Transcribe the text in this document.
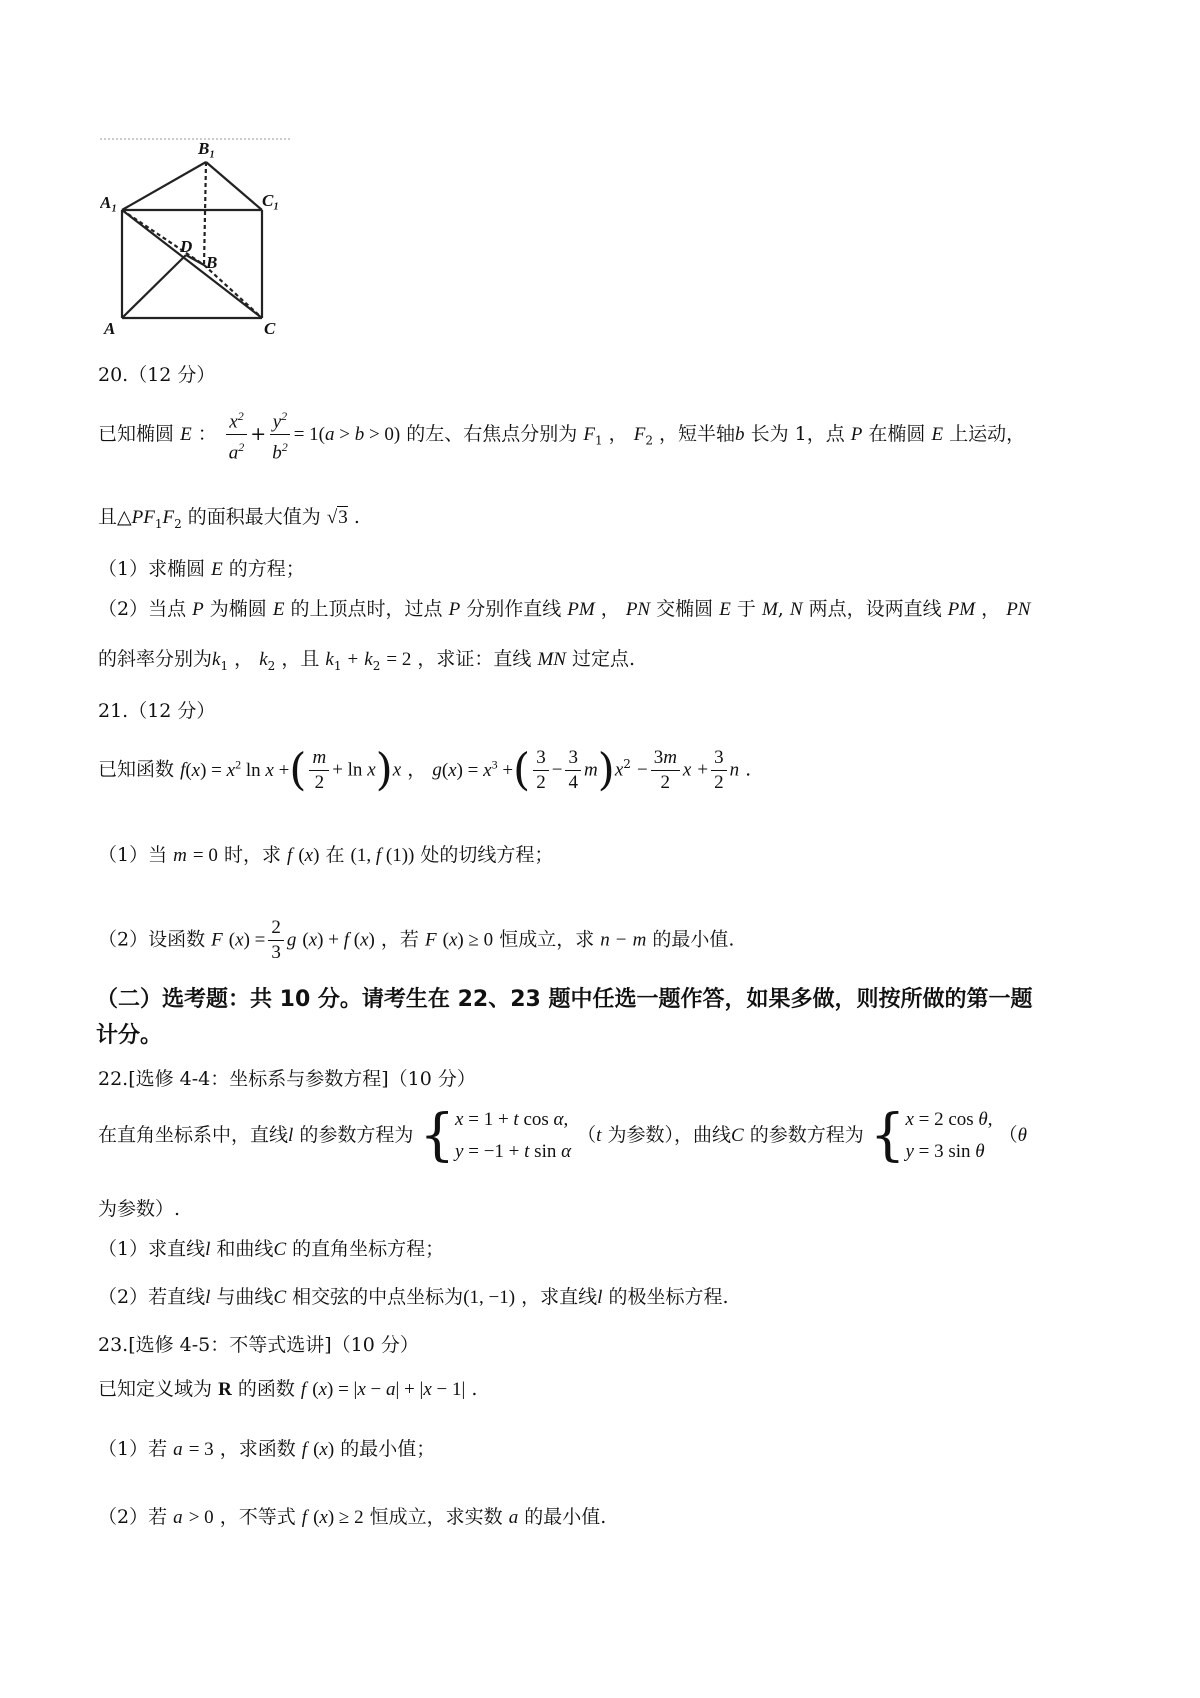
B₁
A₁	C₁
D
B
A	C
20.（12 分）
已知椭圆 E ： $\frac{x^2}{a^2} + \frac{y^2}{b^2} = 1(a > b > 0)$ 的左、右焦点分别为 $F_1$ ， $F_2$ ，短半轴b 长为 1，点 P 在椭圆 E 上运动，
且$\triangle PF_1F_2$ 的面积最大值为 √3 .
（1）求椭圆 E 的方程；
（2）当点 P 为椭圆 E 的上顶点时，过点 P 分别作直线 PM ， PN 交椭圆 E 于 M, N 两点，设两直线 PM ， PN
的斜率分别为$k_1$ ， $k_2$ ，且 $k_1 + k_2 = 2$ ，求证：直线 MN 过定点.
21.（12 分）
已知函数 $f(x) = x^2$ ln x +( $\frac{m}{2} + \ln x)x$ ， $g(x) = x^3$ +( $\frac{3}{2} - \frac{3}{4} m)x^2 - \frac{3m}{2}$ $x + \frac{3}{2}$ n .
（1）当 m = 0 时，求 f (x) 在 (1, f (1)) 处的切线方程；
（2）设函数 F $(x) = \frac{2}{3}$ g (x) + f (x) ，若 F (x) ≥ 0 恒成立，求 n − m 的最小值.
（二）选考题：共 10 分。请考生在 22、23 题中任选一题作答，如果多做，则按所做的第一题
计分。
22.[选修 4-4：坐标系与参数方程]（10 分）
在直角坐标系中，直线l 的参数方程为 { x = 1 + t cos α,
y = −1 + t sin α
（t 为参数），曲线C 的参数方程为 { x = 2 cos θ,
y = 3 sin θ
（θ
为参数）.
（1）求直线l 和曲线C 的直角坐标方程；
（2）若直线l 与曲线C 相交弦的中点坐标为(1, −1) ，求直线l 的极坐标方程.
23.[选修 4-5：不等式选讲]（10 分）
已知定义域为 R 的函数 f (x) = |x − a| + |x − 1| .
（1）若 a = 3 ，求函数 f (x) 的最小值；
（2）若 a > 0 ，不等式 f (x) ≥ 2 恒成立，求实数 a 的最小值.
